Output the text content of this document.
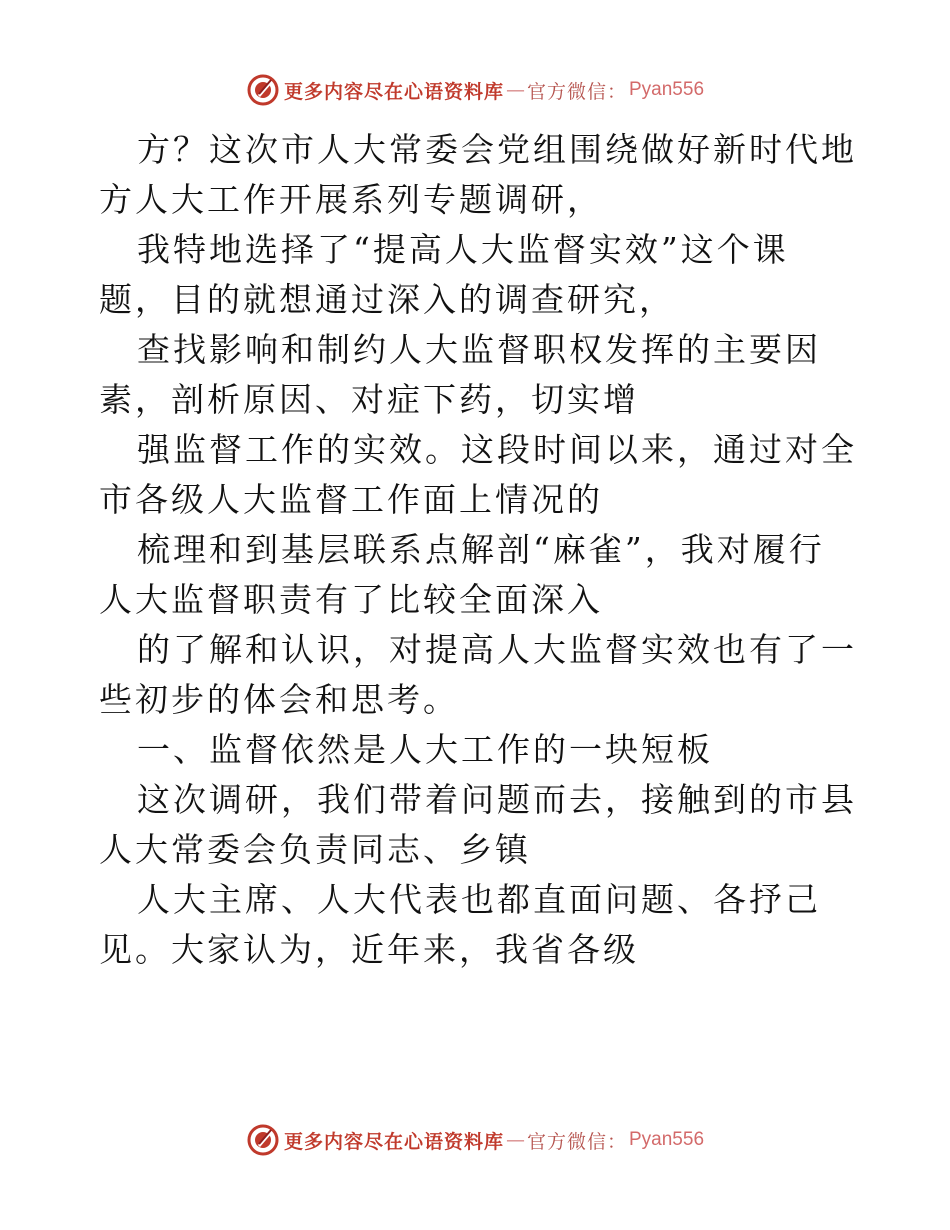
更多内容尽在心语资料库 — 官方微信： Pyan556

方？这次市人大常委会党组围绕做好新时代地方人大工作开展系列专题调研，

我特地选择了“提高人大监督实效”这个课题，目的就想通过深入的调查研究，

查找影响和制约人大监督职权发挥的主要因素，剖析原因、对症下药，切实增

强监督工作的实效。这段时间以来，通过对全市各级人大监督工作面上情况的

梳理和到基层联系点解剖“麻雀”，我对履行人大监督职责有了比较全面深入

的了解和认识，对提高人大监督实效也有了一些初步的体会和思考。

一、监督依然是人大工作的一块短板

这次调研，我们带着问题而去，接触到的市县人大常委会负责同志、乡镇

人大主席、人大代表也都直面问题、各抒己见。大家认为，近年来，我省各级

更多内容尽在心语资料库 — 官方微信： Pyan556
